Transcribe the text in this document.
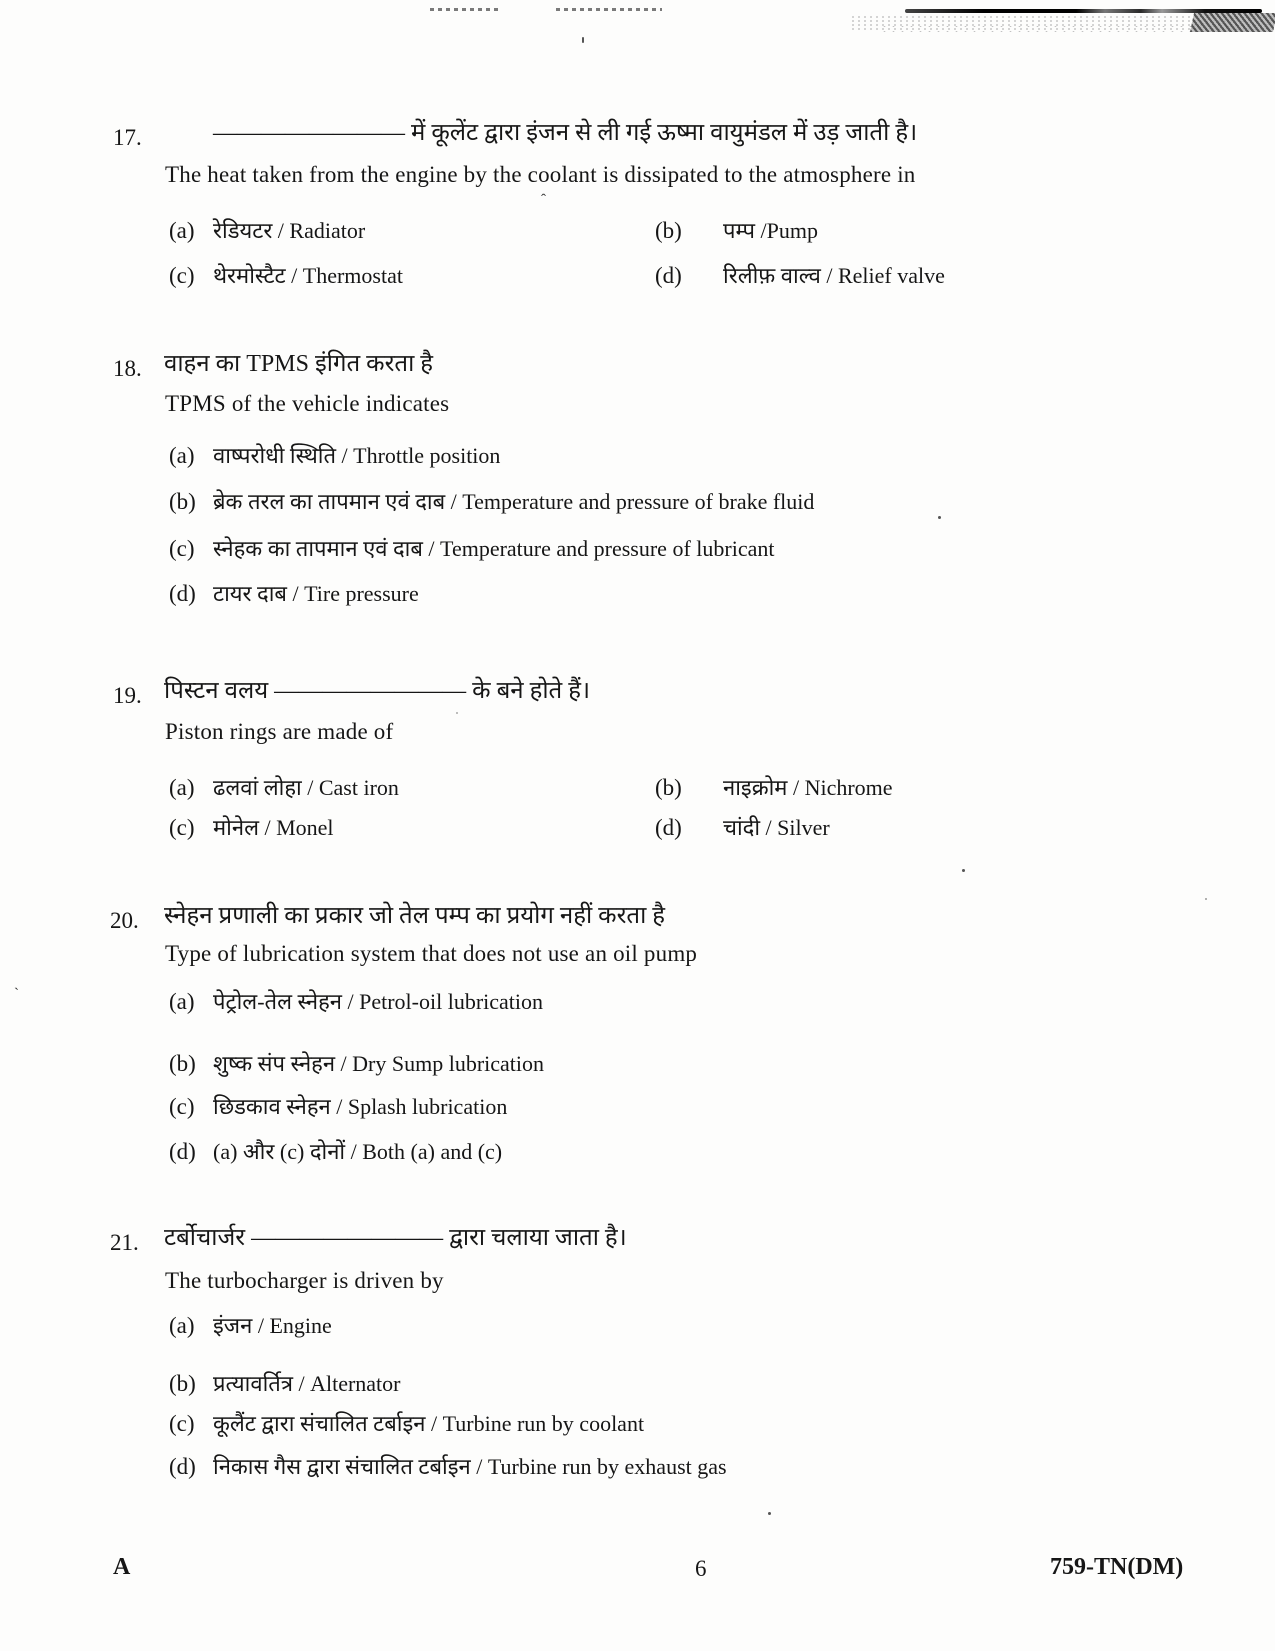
ˆ
`
17.	———————— में कूलेंट द्वारा इंजन से ली गई ऊष्मा वायुमंडल में उड़ जाती है।
The heat taken from the engine by the coolant is dissipated to the atmosphere in
(a) रेडियटर / Radiator	(b) पम्प /Pump
(c) थेरमोस्टैट / Thermostat	(d) रिलीफ़ वाल्व / Relief valve
18. वाहन का TPMS इंगित करता है
TPMS of the vehicle indicates
(a) वाष्परोधी स्थिति / Throttle position
(b) ब्रेक तरल का तापमान एवं दाब / Temperature and pressure of brake fluid
(c) स्नेहक का तापमान एवं दाब / Temperature and pressure of lubricant
(d) टायर दाब / Tire pressure
19. पिस्टन वलय ———————— के बने होते हैं।
Piston rings are made of
(a) ढलवां लोहा / Cast iron	(b) नाइक्रोम / Nichrome
(c) मोनेल / Monel	(d) चांदी / Silver
20. स्नेहन प्रणाली का प्रकार जो तेल पम्प का प्रयोग नहीं करता है
Type of lubrication system that does not use an oil pump
(a) पेट्रोल-तेल स्नेहन / Petrol-oil lubrication
(b) शुष्क संप स्नेहन / Dry Sump lubrication
(c) छिडकाव स्नेहन / Splash lubrication
(d) (a) और (c) दोनों / Both (a) and (c)
21. टर्बोचार्जर ———————— द्वारा चलाया जाता है।
The turbocharger is driven by
(a) इंजन / Engine
(b) प्रत्यावर्तित्र / Alternator
(c) कूलैंट द्वारा संचालित टर्बाइन / Turbine run by coolant
(d) निकास गैस द्वारा संचालित टर्बाइन / Turbine run by exhaust gas
A	6	759-TN(DM)
